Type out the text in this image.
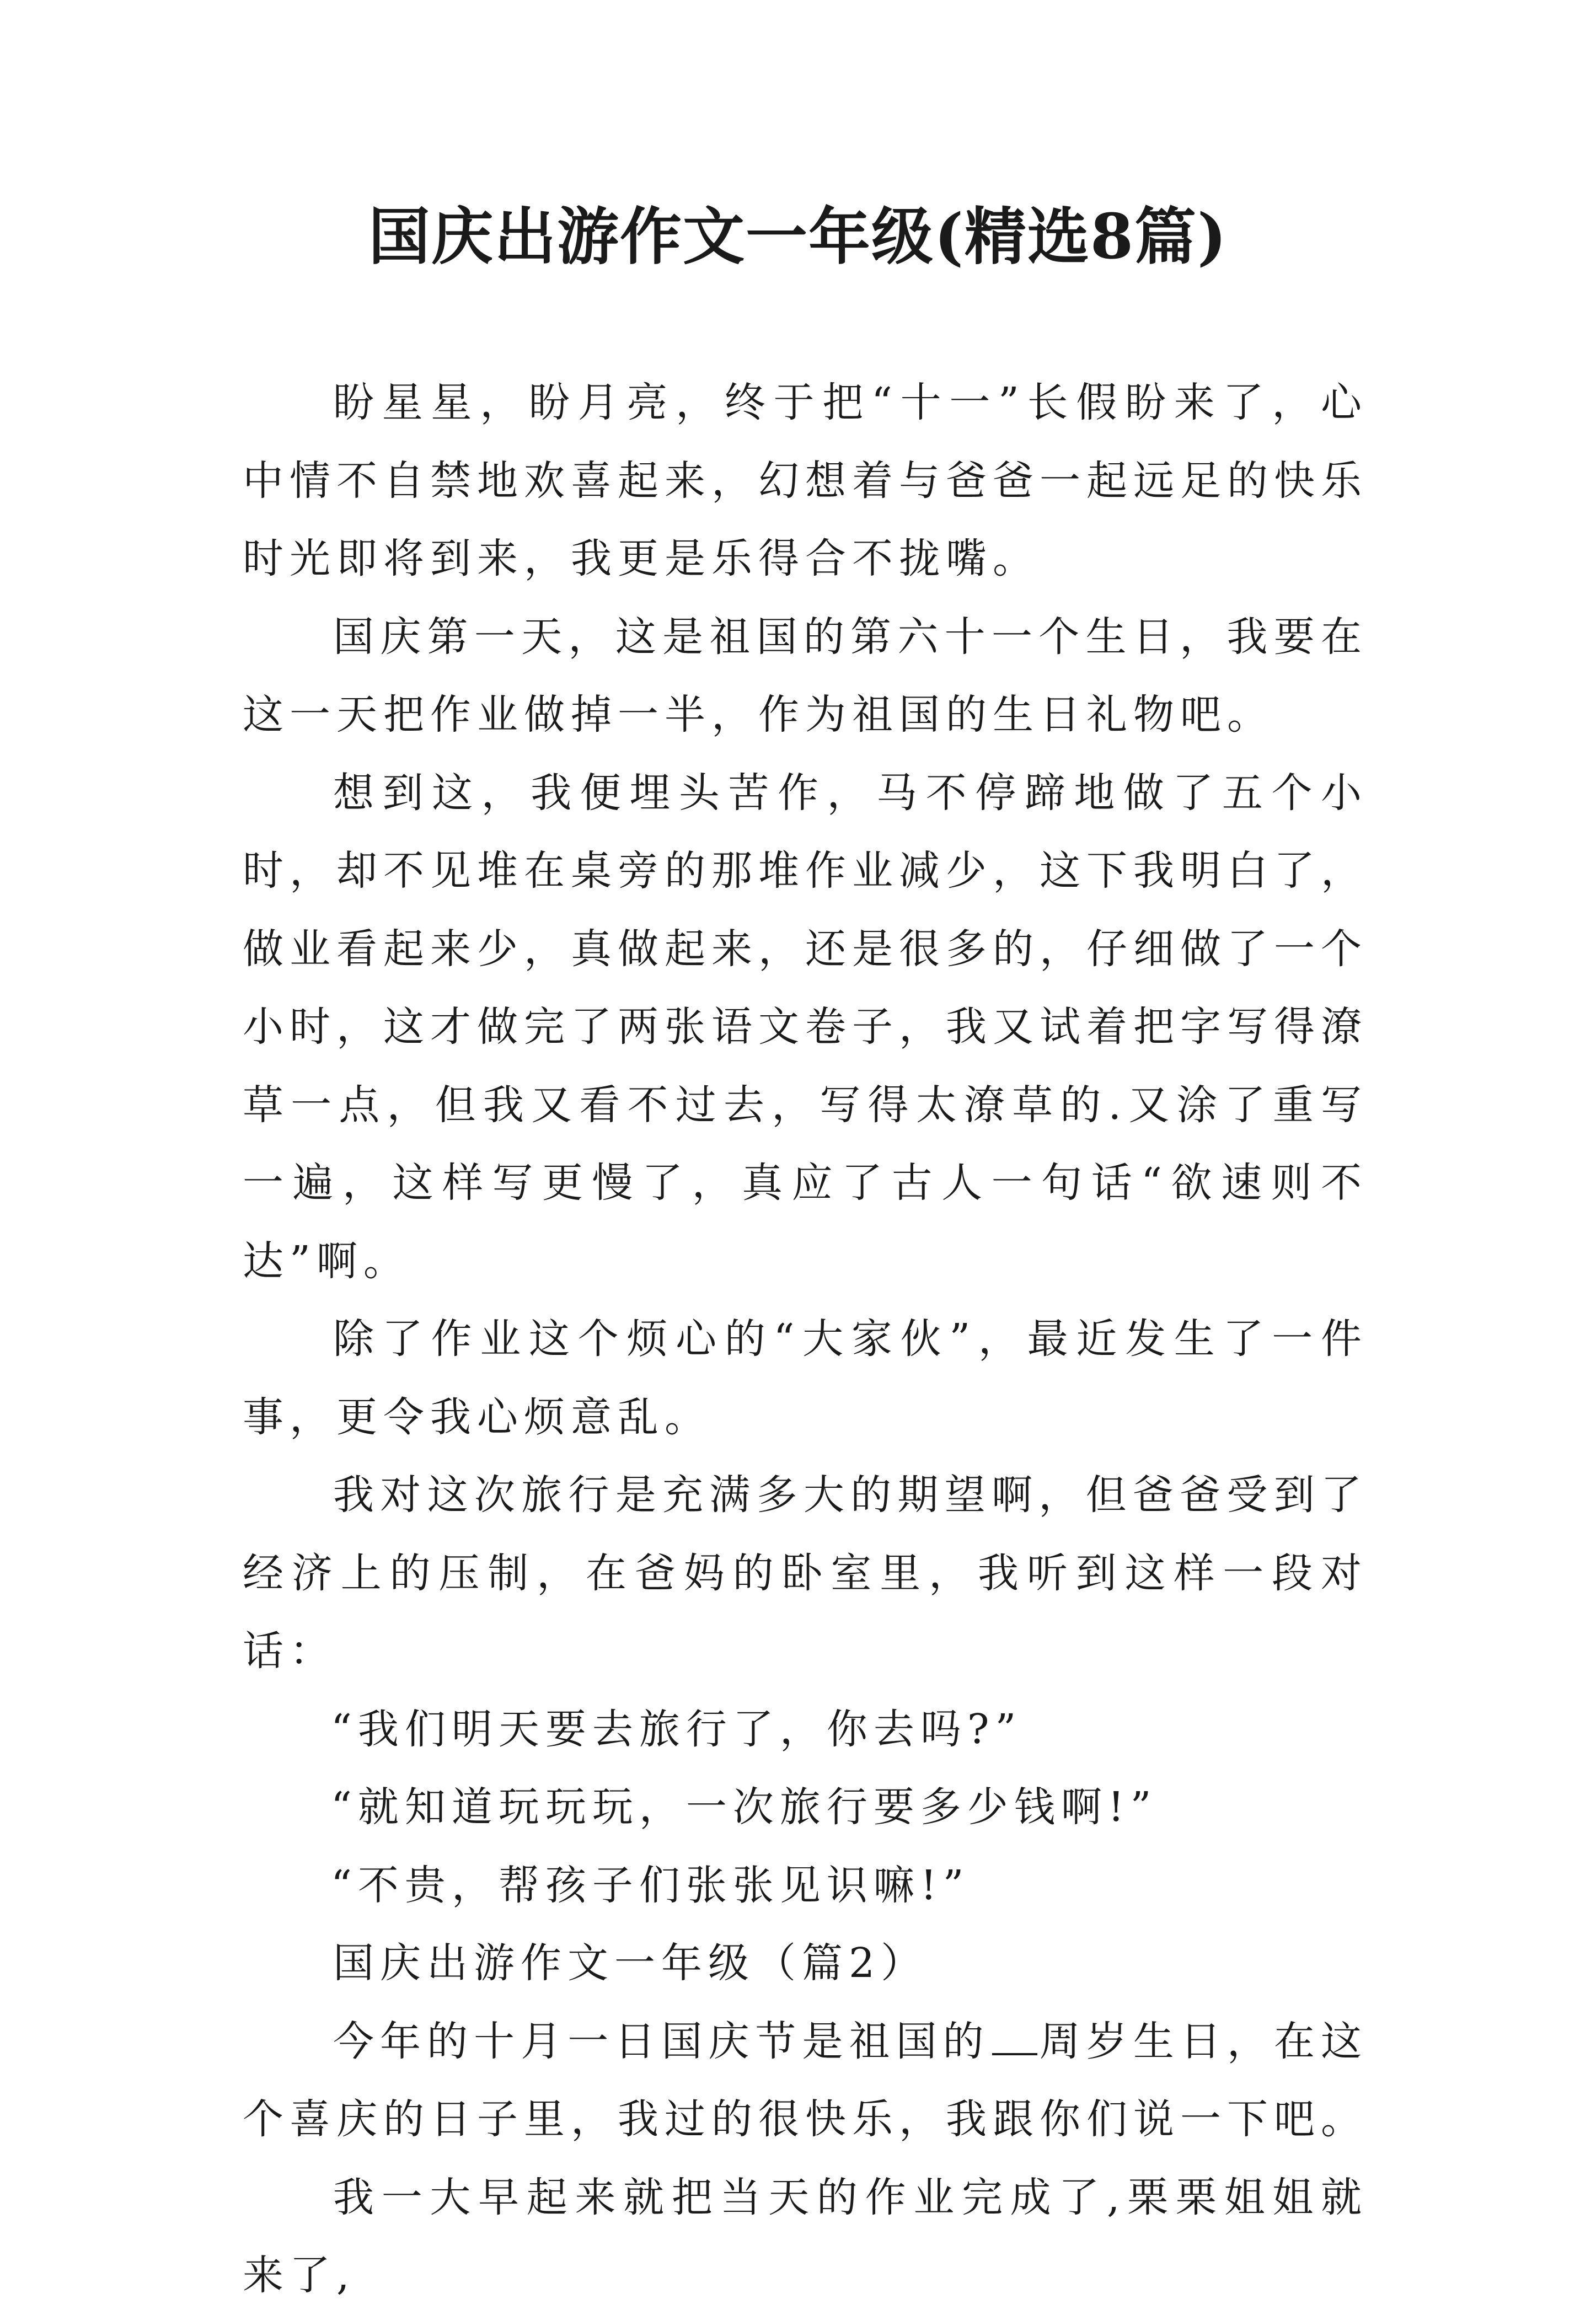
国庆出游作文一年级(精选8篇)

盼星星，盼月亮，终于把“十一”长假盼来了，心中情不自禁地欢喜起来，幻想着与爸爸一起远足的快乐时光即将到来，我更是乐得合不拢嘴。

国庆第一天，这是祖国的第六十一个生日，我要在这一天把作业做掉一半，作为祖国的生日礼物吧。

想到这，我便埋头苦作，马不停蹄地做了五个小时，却不见堆在桌旁的那堆作业减少，这下我明白了，做业看起来少，真做起来，还是很多的，仔细做了一个小时，这才做完了两张语文卷子，我又试着把字写得潦草一点，但我又看不过去，写得太潦草的.又涂了重写一遍，这样写更慢了，真应了古人一句话“欲速则不达”啊。

除了作业这个烦心的“大家伙”，最近发生了一件事，更令我心烦意乱。

我对这次旅行是充满多大的期望啊，但爸爸受到了经济上的压制，在爸妈的卧室里，我听到这样一段对话：

“我们明天要去旅行了，你去吗?”

“就知道玩玩玩，一次旅行要多少钱啊!”

“不贵，帮孩子们张张见识嘛!”

国庆出游作文一年级（篇2）

今年的十月一日国庆节是祖国的 周岁生日，在这个喜庆的日子里，我过的很快乐，我跟你们说一下吧。

我一大早起来就把当天的作业完成了,栗栗姐姐就来了,
